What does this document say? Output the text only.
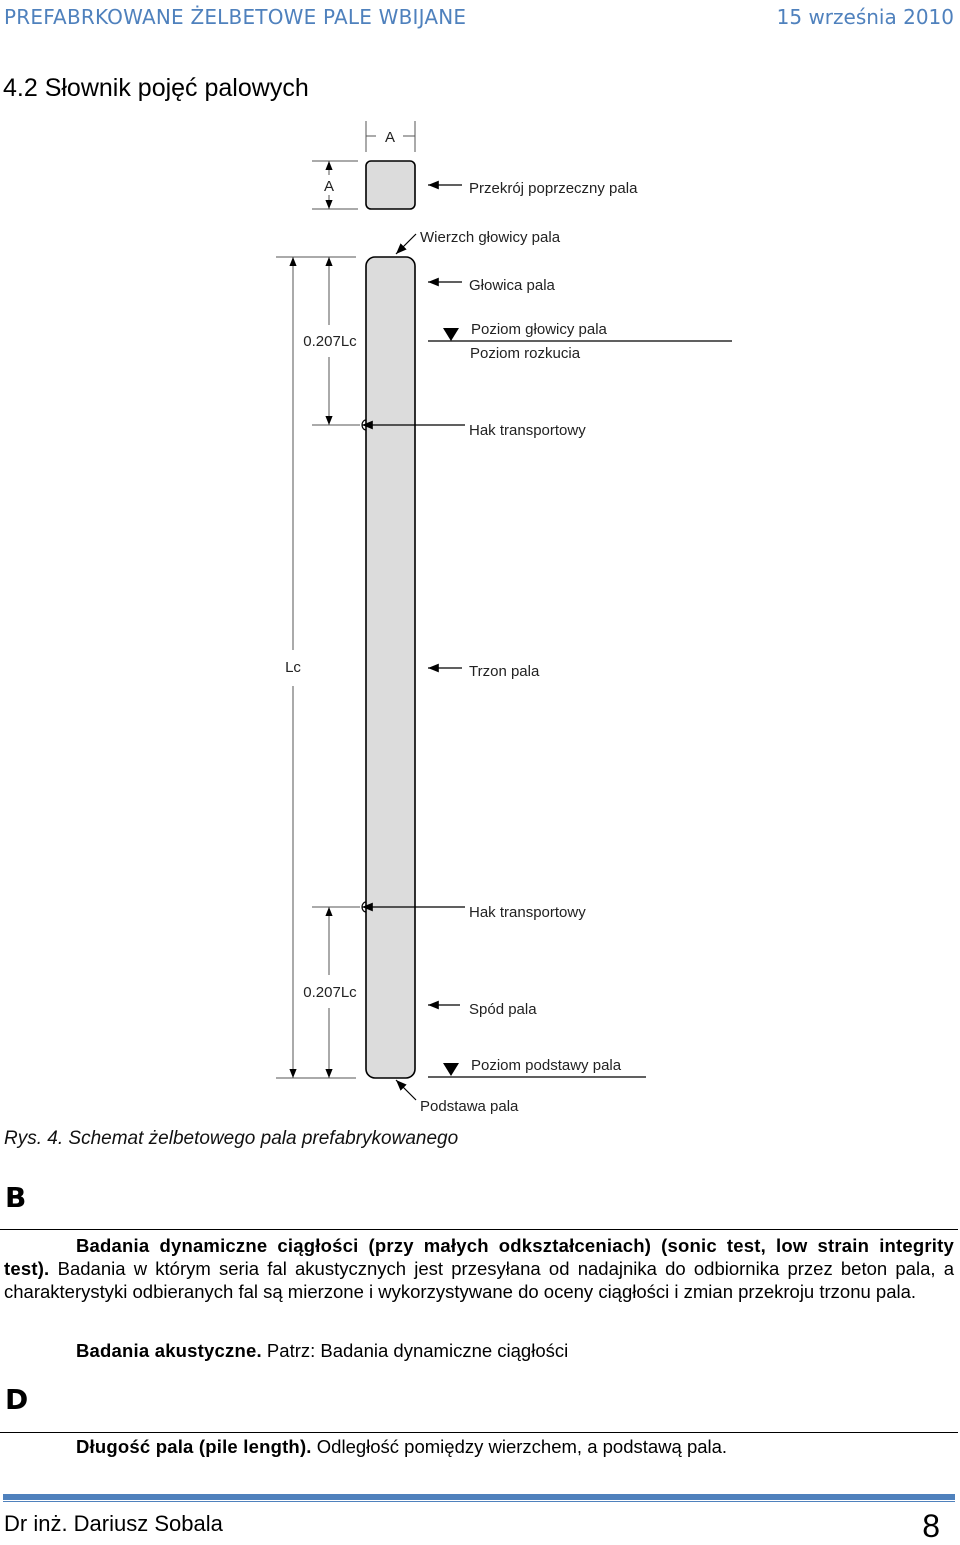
PREFABRKOWANE ŻELBETOWE PALE WBIJANE	15 września 2010
4.2 Słownik pojęć palowych
A
A
0.207Lc
Lc
0.207Lc
Przekrój poprzeczny pala
Wierzch głowicy pala
Głowica pala
Poziom głowicy pala
Poziom rozkucia
Hak transportowy
Trzon pala
Hak transportowy
Spód pala
Poziom podstawy pala
Podstawa pala
Rys. 4. Schemat żelbetowego pala prefabrykowanego
B

Badania dynamiczne ciągłości (przy małych odkształceniach) (sonic test, low strain integrity test). Badania w którym seria fal akustycznych jest przesyłana od nadajnika do odbiornika przez beton pala, a charakterystyki odbieranych fal są mierzone i wykorzystywane do oceny ciągłości i zmian przekroju trzonu pala.

Badania akustyczne. Patrz: Badania dynamiczne ciągłości

D

Długość pala (pile length). Odległość pomiędzy wierzchem, a podstawą pala.

Dr inż. Dariusz Sobala	8
